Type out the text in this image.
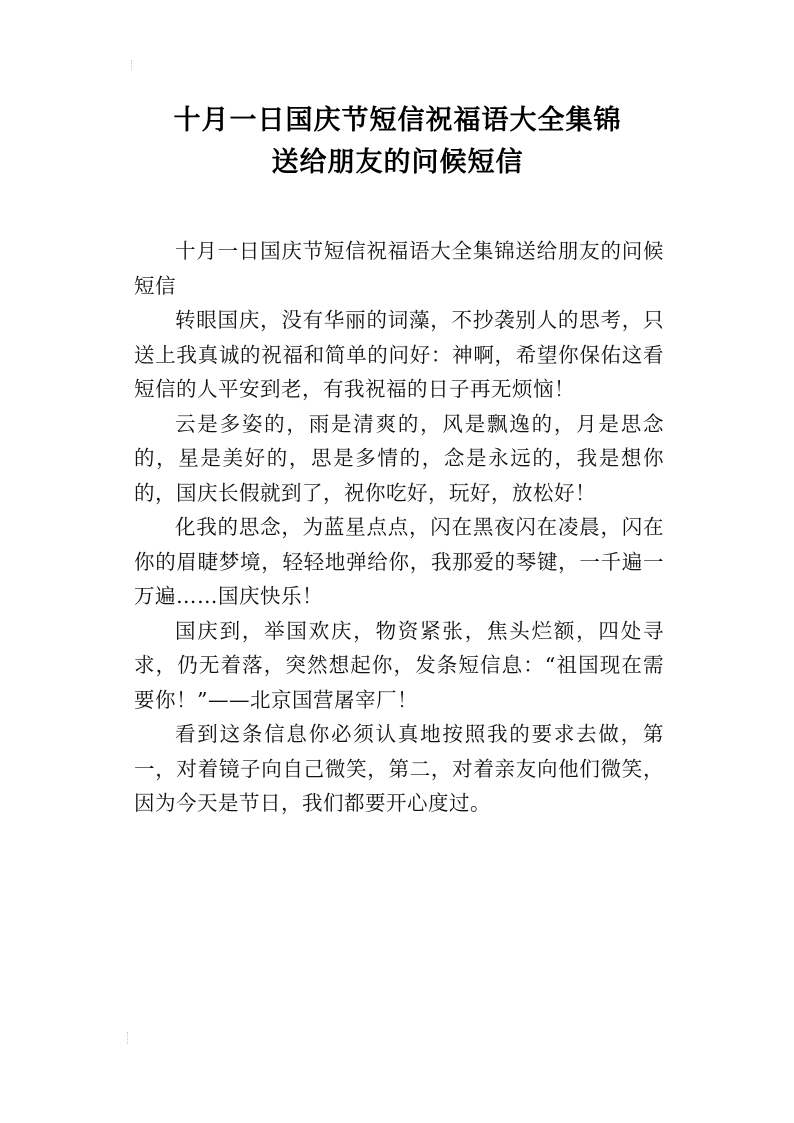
十月一日国庆节短信祝福语大全集锦
送给朋友的问候短信

十月一日国庆节短信祝福语大全集锦送给朋友的问候短信

转眼国庆，没有华丽的词藻，不抄袭别人的思考，只送上我真诚的祝福和简单的问好：神啊，希望你保佑这看短信的人平安到老，有我祝福的日子再无烦恼！

云是多姿的，雨是清爽的，风是飘逸的，月是思念的，星是美好的，思是多情的，念是永远的，我是想你的，国庆长假就到了，祝你吃好，玩好，放松好！

化我的思念，为蓝星点点，闪在黑夜闪在凌晨，闪在你的眉睫梦境，轻轻地弹给你，我那爱的琴键，一千遍一万遍……国庆快乐！

国庆到，举国欢庆，物资紧张，焦头烂额，四处寻求，仍无着落，突然想起你，发条短信息：“祖国现在需要你！”——北京国营屠宰厂！

看到这条信息你必须认真地按照我的要求去做，第一，对着镜子向自己微笑，第二，对着亲友向他们微笑，因为今天是节日，我们都要开心度过。
